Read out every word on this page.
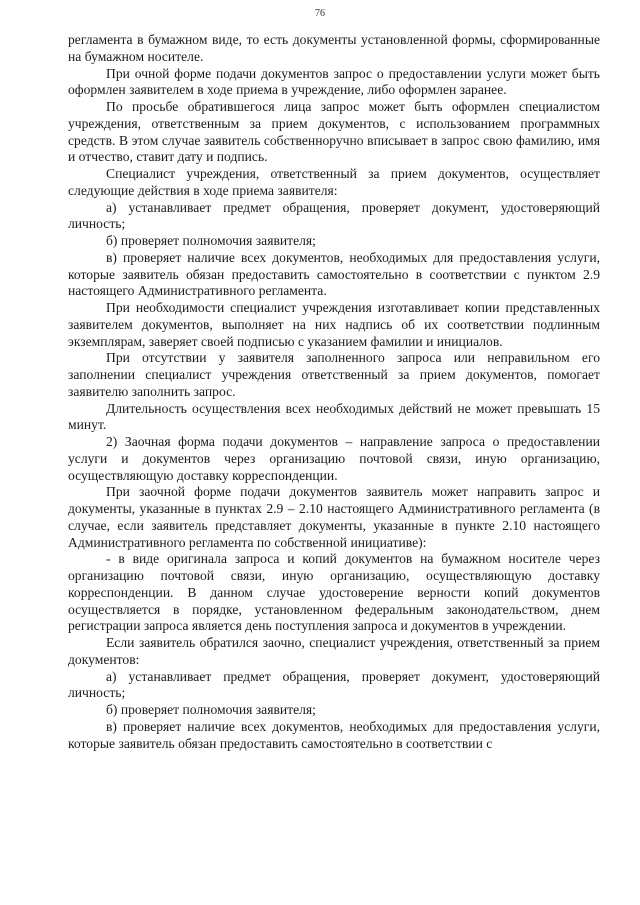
76

регламента в бумажном виде, то есть документы установленной формы, сформированные на бумажном носителе.

При очной форме подачи документов запрос о предоставлении услуги может быть оформлен заявителем в ходе приема в учреждение, либо оформлен заранее.

По просьбе обратившегося лица запрос может быть оформлен специалистом учреждения, ответственным за прием документов, с использованием программных средств. В этом случае заявитель собственноручно вписывает в запрос свою фамилию, имя и отчество, ставит дату и подпись.

Специалист учреждения, ответственный за прием документов, осуществляет следующие действия в ходе приема заявителя:

а) устанавливает предмет обращения, проверяет документ, удостоверяющий личность;

б) проверяет полномочия заявителя;

в) проверяет наличие всех документов, необходимых для предоставления услуги, которые заявитель обязан предоставить самостоятельно в соответствии с пунктом 2.9 настоящего Административного регламента.

При необходимости специалист учреждения изготавливает копии представленных заявителем документов, выполняет на них надпись об их соответствии подлинным экземплярам, заверяет своей подписью с указанием фамилии и инициалов.

При отсутствии у заявителя заполненного запроса или неправильном его заполнении специалист учреждения ответственный за прием документов, помогает заявителю заполнить запрос.

Длительность осуществления всех необходимых действий не может превышать 15 минут.

2) Заочная форма подачи документов – направление запроса о предоставлении услуги и документов через организацию почтовой связи, иную организацию, осуществляющую доставку корреспонденции.

При заочной форме подачи документов заявитель может направить запрос и документы, указанные в пунктах 2.9 – 2.10 настоящего Административного регламента (в случае, если заявитель представляет документы, указанные в пункте 2.10 настоящего Административного регламента по собственной инициативе):

- в виде оригинала запроса и копий документов на бумажном носителе через организацию почтовой связи, иную организацию, осуществляющую доставку корреспонденции. В данном случае удостоверение верности копий документов осуществляется в порядке, установленном федеральным законодательством, днем регистрации запроса является день поступления запроса и документов в учреждении.

Если заявитель обратился заочно, специалист учреждения, ответственный за прием документов:

а) устанавливает предмет обращения, проверяет документ, удостоверяющий личность;

б) проверяет полномочия заявителя;

в) проверяет наличие всех документов, необходимых для предоставления услуги, которые заявитель обязан предоставить самостоятельно в соответствии с
